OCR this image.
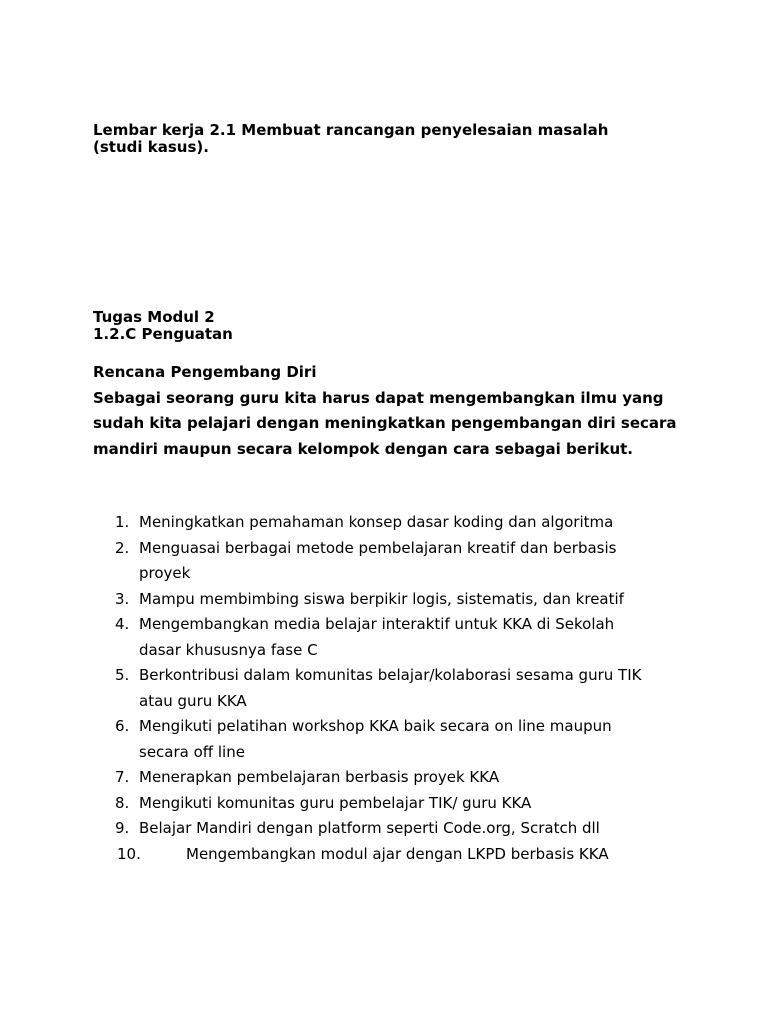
Lembar kerja 2.1 Membuat rancangan penyelesaian masalah
(studi kasus).
Tugas Modul 2
1.2.C Penguatan
Rencana Pengembang Diri
Sebagai seorang guru kita harus dapat mengembangkan ilmu yang sudah kita pelajari dengan meningkatkan pengembangan diri secara mandiri maupun secara kelompok dengan cara sebagai berikut.
1. Meningkatkan pemahaman konsep dasar koding dan algoritma
2. Menguasai berbagai metode pembelajaran kreatif dan berbasis proyek
3. Mampu membimbing siswa berpikir logis, sistematis, dan kreatif
4. Mengembangkan media belajar interaktif untuk KKA di Sekolah dasar khususnya fase C
5. Berkontribusi dalam komunitas belajar/kolaborasi sesama guru TIK atau guru KKA
6. Mengikuti pelatihan workshop KKA baik secara on line maupun secara off line
7. Menerapkan pembelajaran berbasis proyek KKA
8. Mengikuti komunitas guru pembelajar TIK/ guru KKA
9. Belajar Mandiri dengan platform seperti Code.org, Scratch dll
10.	Mengembangkan modul ajar dengan LKPD berbasis KKA
